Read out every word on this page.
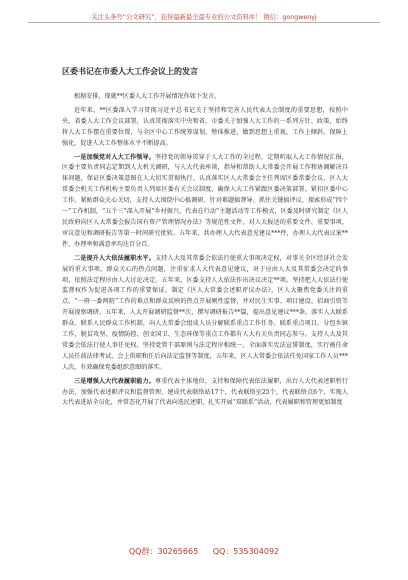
关注头条号“公文研究”，获得最新最全最专业的公文资料库！ 微信：gongwenyj
区委书记在市委人大工作会议上的发言

根据安排，现就**区委人大工作开展情况作如下发言。

近年来，**区委深入学习贯彻习近平总书记关于坚持和完善人民代表大会制度的重要思想，按照中央、省委人大工作会议部署，认真贯彻落实中央和省、市委关于加强人大工作的一系列方针、政策，始终将人大工作摆在重要位置，与全区中心工作统筹谋划，整体推进，做到思想上重视、工作上倾斜、保障上强化，促进人大工作整体水平不断提高。

一是加强党对人大工作领导。坚持党的领导贯穿于人大工作的全过程，定期听取人大工作情况汇报，区委主要负责同志定期到人大机关调研，与人大代表座谈，指导和帮助人大常委会开展工作和协调解决具体问题，保证区委决策意图在人大切实贯彻执行。认真落实区人大常委会主任列席区委常委会议、区人大常委会机关工作机构主要负责人列席区委有关会议制度，确保人大工作紧跟区委决策部署。紧扣区委中心工作、紧贴群众关心关切，支持人大围绕中心搞调研、针对难题搞督导、抓住关键搞评议，探索形成“四个一”工作机制，“五个三”深入开展“乡村振兴，代表在行动”主题活动等工作模式，区委及时研究制定《区人民政府向区人大常委会报告国有资产管理情况办法》等规范性文件，对人大报送的重要文件、重要事项，审议意见和调研报告等第一时间研究批转。五年来，共办理人大代表意见建议***件，办理人大代表议案**件，办理率和满意率均达百分百。

二是提升人大依法履职水平。支持人大及其常委会依法行使重大事项决定权，对事关全区经济社会发展的重大事项、群众关心的热点问题，注重征求人大代表意见建议，对于应由人大及其常委会决定的事项，依照法定程序由人大讨论决定。五年来，区委支持人大依法作出决议决定**项。坚持把人大依法行使监督权作为促进各项工作的重要保证，制定《区人大常委会述职评议办法》，区人大聚焦党委关注的重点、“一府一委两院”工作的难点和群众反映的热点开展刚性监督，并对民生实事、项目建设、招商引资等开展视察调研。五年来，人大开展调研监督**次，撰写调研报告**篇，提出意见建议***条。落实人大联系群众、联系人民群众工作机制，向人大常委会组成人员分解联系重点工作任务、联系重点项目，分包乡镇工作，脱贫攻坚、疫情防控、创文国卫、生态环保等重点工作都有人大有关负责同志参与。支持人大及其常委会依法行使人事任免权，坚持党管干部原则与法定程序相统一，全面落实宪法宣誓制度，实行被任命人员任前法律考试、会上供职和任后向法定监督等制度，五年来，区人大常委会依法任免国家工作人员***人次，有效确保党委组织意图的落实。

三是增强人大代表履职能力。尊重代表主体地位，支持和保障代表依法履职，出台人大代表述职暂行办法，加强代表述职评议和监督管理，建成代表联络站17个，代表联络室25个，代表联络点6个，实现人大代表进站全员化，并常态化开展了代表向选民述职，扎实开展“双联系”活动，代表履职和管理更加制度

QQ群：30265665 QQ：535304092
